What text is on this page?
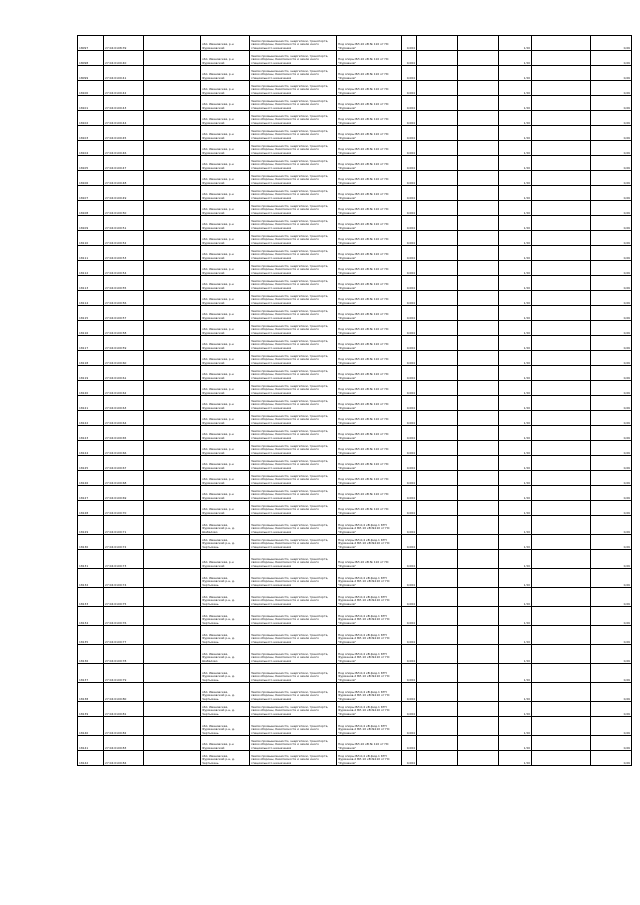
18097	27:04:0108:39		обл. Ивановская, р-н Фурмановский	Земли промышленности, энергетики, транспорта, связи обороны, безопасности и земли иного специального назначения	Под опоры ВЛ-10 кВ № 110 от ПС "Фурманов"	0,004			1,50		0,06
18098	27:04:0109:40		обл. Ивановская, р-н Фурмановский	Земли промышленности, энергетики, транспорта, связи обороны, безопасности и земли иного специального назначения	Под опоры ВЛ-10 кВ № 110 от ПС "Фурманов"	0,004			1,50		0,06
18099	27:04:0109:41		обл. Ивановская, р-н Фурмановский	Земли промышленности, энергетики, транспорта, связи обороны, безопасности и земли иного специального назначения	Под опоры ВЛ-10 кВ № 110 от ПС "Фурманов"	0,004			1,50		0,06
18100	27:04:0109:42		обл. Ивановская, р-н Фурмановский	Земли промышленности, энергетики, транспорта, связи обороны, безопасности и земли иного специального назначения	Под опоры ВЛ-10 кВ № 110 от ПС "Фурманов"	0,004			1,50		0,06
18101	27:04:0109:43		обл. Ивановская, р-н Фурмановский	Земли промышленности, энергетики, транспорта, связи обороны, безопасности и земли иного специального назначения	Под опоры ВЛ-10 кВ № 110 от ПС "Фурманов"	0,004			1,50		0,06
18102	27:04:0109:44		обл. Ивановская, р-н Фурмановский	Земли промышленности, энергетики, транспорта, связи обороны, безопасности и земли иного специального назначения	Под опоры ВЛ-10 кВ № 110 от ПС "Фурманов"	0,004			1,50		0,06
18103	27:04:0109:45		обл. Ивановская, р-н Фурмановский	Земли промышленности, энергетики, транспорта, связи обороны, безопасности и земли иного специального назначения	Под опоры ВЛ-10 кВ № 110 от ПС "Фурманов"	0,004			1,50		0,06
18104	27:04:0109:46		обл. Ивановская, р-н Фурмановский	Земли промышленности, энергетики, транспорта, связи обороны, безопасности и земли иного специального назначения	Под опоры ВЛ-10 кВ № 110 от ПС "Фурманов"	0,004			1,50		0,06
18105	27:04:0109:47		обл. Ивановская, р-н Фурмановский	Земли промышленности, энергетики, транспорта, связи обороны, безопасности и земли иного специального назначения	Под опоры ВЛ-10 кВ № 110 от ПС "Фурманов"	0,004			1,50		0,06
18106	27:04:0109:48		обл. Ивановская, р-н Фурмановский	Земли промышленности, энергетики, транспорта, связи обороны, безопасности и земли иного специального назначения	Под опоры ВЛ-10 кВ № 110 от ПС "Фурманов"	0,004			1,50		0,06
18107	27:04:0109:49		обл. Ивановская, р-н Фурмановский	Земли промышленности, энергетики, транспорта, связи обороны, безопасности и земли иного специального назначения	Под опоры ВЛ-10 кВ № 110 от ПС "Фурманов"	0,004			1,50		0,06
18108	27:04:0109:50		обл. Ивановская, р-н Фурмановский	Земли промышленности, энергетики, транспорта, связи обороны, безопасности и земли иного специального назначения	Под опоры ВЛ-10 кВ № 110 от ПС "Фурманов"	0,004			1,50		0,06
18109	27:04:0109:51		обл. Ивановская, р-н Фурмановский	Земли промышленности, энергетики, транспорта, связи обороны, безопасности и земли иного специального назначения	Под опоры ВЛ-10 кВ № 110 от ПС "Фурманов"	0,004			1,50		0,06
18110	27:04:0109:52		обл. Ивановская, р-н Фурмановский	Земли промышленности, энергетики, транспорта, связи обороны, безопасности и земли иного специального назначения	Под опоры ВЛ-10 кВ № 110 от ПС "Фурманов"	0,004			1,50		0,06
18111	27:04:0109:53		обл. Ивановская, р-н Фурмановский	Земли промышленности, энергетики, транспорта, связи обороны, безопасности и земли иного специального назначения	Под опоры ВЛ-10 кВ № 110 от ПС "Фурманов"	0,004			1,50		0,06
18112	27:04:0109:54		обл. Ивановская, р-н Фурмановский	Земли промышленности, энергетики, транспорта, связи обороны, безопасности и земли иного специального назначения	Под опоры ВЛ-10 кВ № 110 от ПС "Фурманов"	0,004			1,50		0,06
18113	27:04:0109:55		обл. Ивановская, р-н Фурмановский	Земли промышленности, энергетики, транспорта, связи обороны, безопасности и земли иного специального назначения	Под опоры ВЛ-10 кВ № 110 от ПС "Фурманов"	0,004			1,50		0,06
18114	27:04:0109:56		обл. Ивановская, р-н Фурмановский	Земли промышленности, энергетики, транспорта, связи обороны, безопасности и земли иного специального назначения	Под опоры ВЛ-10 кВ № 110 от ПС "Фурманов"	0,004			1,50		0,06
18115	27:04:0109:57		обл. Ивановская, р-н Фурмановский	Земли промышленности, энергетики, транспорта, связи обороны, безопасности и земли иного специального назначения	Под опоры ВЛ-10 кВ № 110 от ПС "Фурманов"	0,004			1,50		0,06
18116	27:04:0109:58		обл. Ивановская, р-н Фурмановский	Земли промышленности, энергетики, транспорта, связи обороны, безопасности и земли иного специального назначения	Под опоры ВЛ-10 кВ № 110 от ПС "Фурманов"	0,004			1,50		0,06
18117	27:04:0109:59		обл. Ивановская, р-н Фурмановский	Земли промышленности, энергетики, транспорта, связи обороны, безопасности и земли иного специального назначения	Под опоры ВЛ-10 кВ № 110 от ПС "Фурманов"	0,004			1,50		0,06
18118	27:04:0109:60		обл. Ивановская, р-н Фурмановский	Земли промышленности, энергетики, транспорта, связи обороны, безопасности и земли иного специального назначения	Под опоры ВЛ-10 кВ № 110 от ПС "Фурманов"	0,004			1,50		0,06
18119	27:04:0109:61		обл. Ивановская, р-н Фурмановский	Земли промышленности, энергетики, транспорта, связи обороны, безопасности и земли иного специального назначения	Под опоры ВЛ-10 кВ № 110 от ПС "Фурманов"	0,004			1,50		0,06
18120	27:04:0109:62		обл. Ивановская, р-н Фурмановский	Земли промышленности, энергетики, транспорта, связи обороны, безопасности и земли иного специального назначения	Под опоры ВЛ-10 кВ № 110 от ПС "Фурманов"	0,004			1,50		0,06
18121	27:04:0109:63		обл. Ивановская, р-н Фурмановский	Земли промышленности, энергетики, транспорта, связи обороны, безопасности и земли иного специального назначения	Под опоры ВЛ-10 кВ № 110 от ПС "Фурманов"	0,004			1,50		0,06
18122	27:04:0109:64		обл. Ивановская, р-н Фурмановский	Земли промышленности, энергетики, транспорта, связи обороны, безопасности и земли иного специального назначения	Под опоры ВЛ-10 кВ № 110 от ПС "Фурманов"	0,004			1,50		0,06
18123	27:04:0109:65		обл. Ивановская, р-н Фурмановский	Земли промышленности, энергетики, транспорта, связи обороны, безопасности и земли иного специального назначения	Под опоры ВЛ-10 кВ № 110 от ПС "Фурманов"	0,004			1,50		0,06
18124	27:04:0109:66		обл. Ивановская, р-н Фурмановский	Земли промышленности, энергетики, транспорта, связи обороны, безопасности и земли иного специального назначения	Под опоры ВЛ-10 кВ № 110 от ПС "Фурманов"	0,004			1,50		0,06
18125	27:04:0109:67		обл. Ивановская, р-н Фурмановский	Земли промышленности, энергетики, транспорта, связи обороны, безопасности и земли иного специального назначения	Под опоры ВЛ-10 кВ № 110 от ПС "Фурманов"	0,004			1,50		0,06
18126	27:04:0109:68		обл. Ивановская, р-н Фурмановский	Земли промышленности, энергетики, транспорта, связи обороны, безопасности и земли иного специального назначения	Под опоры ВЛ-10 кВ № 110 от ПС "Фурманов"	0,004			1,50		0,06
18127	27:04:0109:69		обл. Ивановская, р-н Фурмановский	Земли промышленности, энергетики, транспорта, связи обороны, безопасности и земли иного специального назначения	Под опоры ВЛ-10 кВ № 110 от ПС "Фурманов"	0,004			1,50		0,06
18128	27:04:0109:70		обл. Ивановская, р-н Фурмановский	Земли промышленности, энергетики, транспорта, связи обороны, безопасности и земли иного специального назначения	Под опоры ВЛ-10 кВ № 110 от ПС "Фурманов"	0,004			1,50		0,06
18129	27:04:0109:71		обл. Ивановская, Фурмановский р-н, д. Шабалово	Земли промышленности, энергетики, транспорта, связи обороны, безопасности и земли иного специального назначения	Под опоры ВЛ-0,4 кВ фид.1 КТП Фурманов-2 ВЛ-10 кВ №110 от ПС "Фурманов"	0,004			1,50		0,06
18130	27:04:0109:72		обл. Ивановская, Фурмановский р-н, д. Чертыхань	Земли промышленности, энергетики, транспорта, связи обороны, безопасности и земли иного специального назначения	Под опоры ВЛ-0,4 кВ фид.1 КТП Фурманов-2 ВЛ-10 кВ №110 от ПС "Фурманов"	0,004			1,50		0,06
18131	27:04:0109:73		обл. Ивановская, р-н Фурмановский	Земли промышленности, энергетики, транспорта, связи обороны, безопасности и земли иного специального назначения	Под опоры ВЛ-10 кВ № 110 от ПС "Фурманов"	0,004			1,50		0,06
18132	27:04:0109:74		обл. Ивановская, Фурмановский р-н, д. Чертыхань	Земли промышленности, энергетики, транспорта, связи обороны, безопасности и земли иного специального назначения	Под опоры ВЛ-0,4 кВ фид.1 КТП Фурманов-2 ВЛ-10 кВ №110 от ПС "Фурманов"	0,004			1,50		0,06
18133	27:04:0109:75		обл. Ивановская, Фурмановский р-н, д. Чертыхань	Земли промышленности, энергетики, транспорта, связи обороны, безопасности и земли иного специального назначения	Под опоры ВЛ-0,4 кВ фид.1 КТП Фурманов-2 ВЛ-10 кВ №110 от ПС "Фурманов"	0,004			1,50		0,06
18134	27:04:0109:76		обл. Ивановская, Фурмановский р-н, д. Чертыхань	Земли промышленности, энергетики, транспорта, связи обороны, безопасности и земли иного специального назначения	Под опоры ВЛ-0,4 кВ фид.1 КТП Фурманов-2 ВЛ-10 кВ №110 от ПС "Фурманов"	0,004			1,50		0,06
18135	27:04:0109:77		обл. Ивановская, Фурмановский р-н, д. Чертыхань	Земли промышленности, энергетики, транспорта, связи обороны, безопасности и земли иного специального назначения	Под опоры ВЛ-0,4 кВ фид.1 КТП Фурманов-2 ВЛ-10 кВ №110 от ПС "Фурманов"	0,004			1,50		0,06
18136	27:04:0109:78		обл. Ивановская, Фурмановский р-н, д. Шабалово	Земли промышленности, энергетики, транспорта, связи обороны, безопасности и земли иного специального назначения	Под опоры ВЛ-0,4 кВ фид.1 КТП Фурманов-2 ВЛ-10 кВ №110 от ПС "Фурманов"	0,004			1,50		0,06
18137	27:04:0109:79		обл. Ивановская, Фурмановский р-н, д. Чертыхань	Земли промышленности, энергетики, транспорта, связи обороны, безопасности и земли иного специального назначения	Под опоры ВЛ-0,4 кВ фид.1 КТП Фурманов-2 ВЛ-10 кВ №110 от ПС "Фурманов"	0,004			1,50		0,06
18138	27:04:0109:80		обл. Ивановская, Фурмановский р-н, д. Чертыхань	Земли промышленности, энергетики, транспорта, связи обороны, безопасности и земли иного специального назначения	Под опоры ВЛ-0,4 кВ фид.1 КТП Фурманов-2 ВЛ-10 кВ №110 от ПС "Фурманов"	0,004			1,50		0,06
18139	27:04:0109:81		обл. Ивановская, Фурмановский р-н, д. Чертыхань	Земли промышленности, энергетики, транспорта, связи обороны, безопасности и земли иного специального назначения	Под опоры ВЛ-0,4 кВ фид.1 КТП Фурманов-2 ВЛ-10 кВ №110 от ПС "Фурманов"	0,004			1,50		0,06
18140	27:04:0109:82		обл. Ивановская, Фурмановский р-н, д. Чертыхань	Земли промышленности, энергетики, транспорта, связи обороны, безопасности и земли иного специального назначения	Под опоры ВЛ-0,4 кВ фид.1 КТП Фурманов-2 ВЛ-10 кВ №110 от ПС "Фурманов"	0,004			1,50		0,06
18141	27:04:0109:83		обл. Ивановская, р-н Фурмановский	Земли промышленности, энергетики, транспорта, связи обороны, безопасности и земли иного специального назначения	Под опоры ВЛ-10 кВ № 110 от ПС "Фурманов"	0,004			1,50		0,06
18142	27:04:0109:84		обл. Ивановская, Фурмановский р-н, д. Чертыхань	Земли промышленности, энергетики, транспорта, связи обороны, безопасности и земли иного специального назначения	Под опоры ВЛ-0,4 кВ фид.1 КТП Фурманов-2 ВЛ-10 кВ №110 от ПС "Фурманов"	0,004			1,50		0,06
